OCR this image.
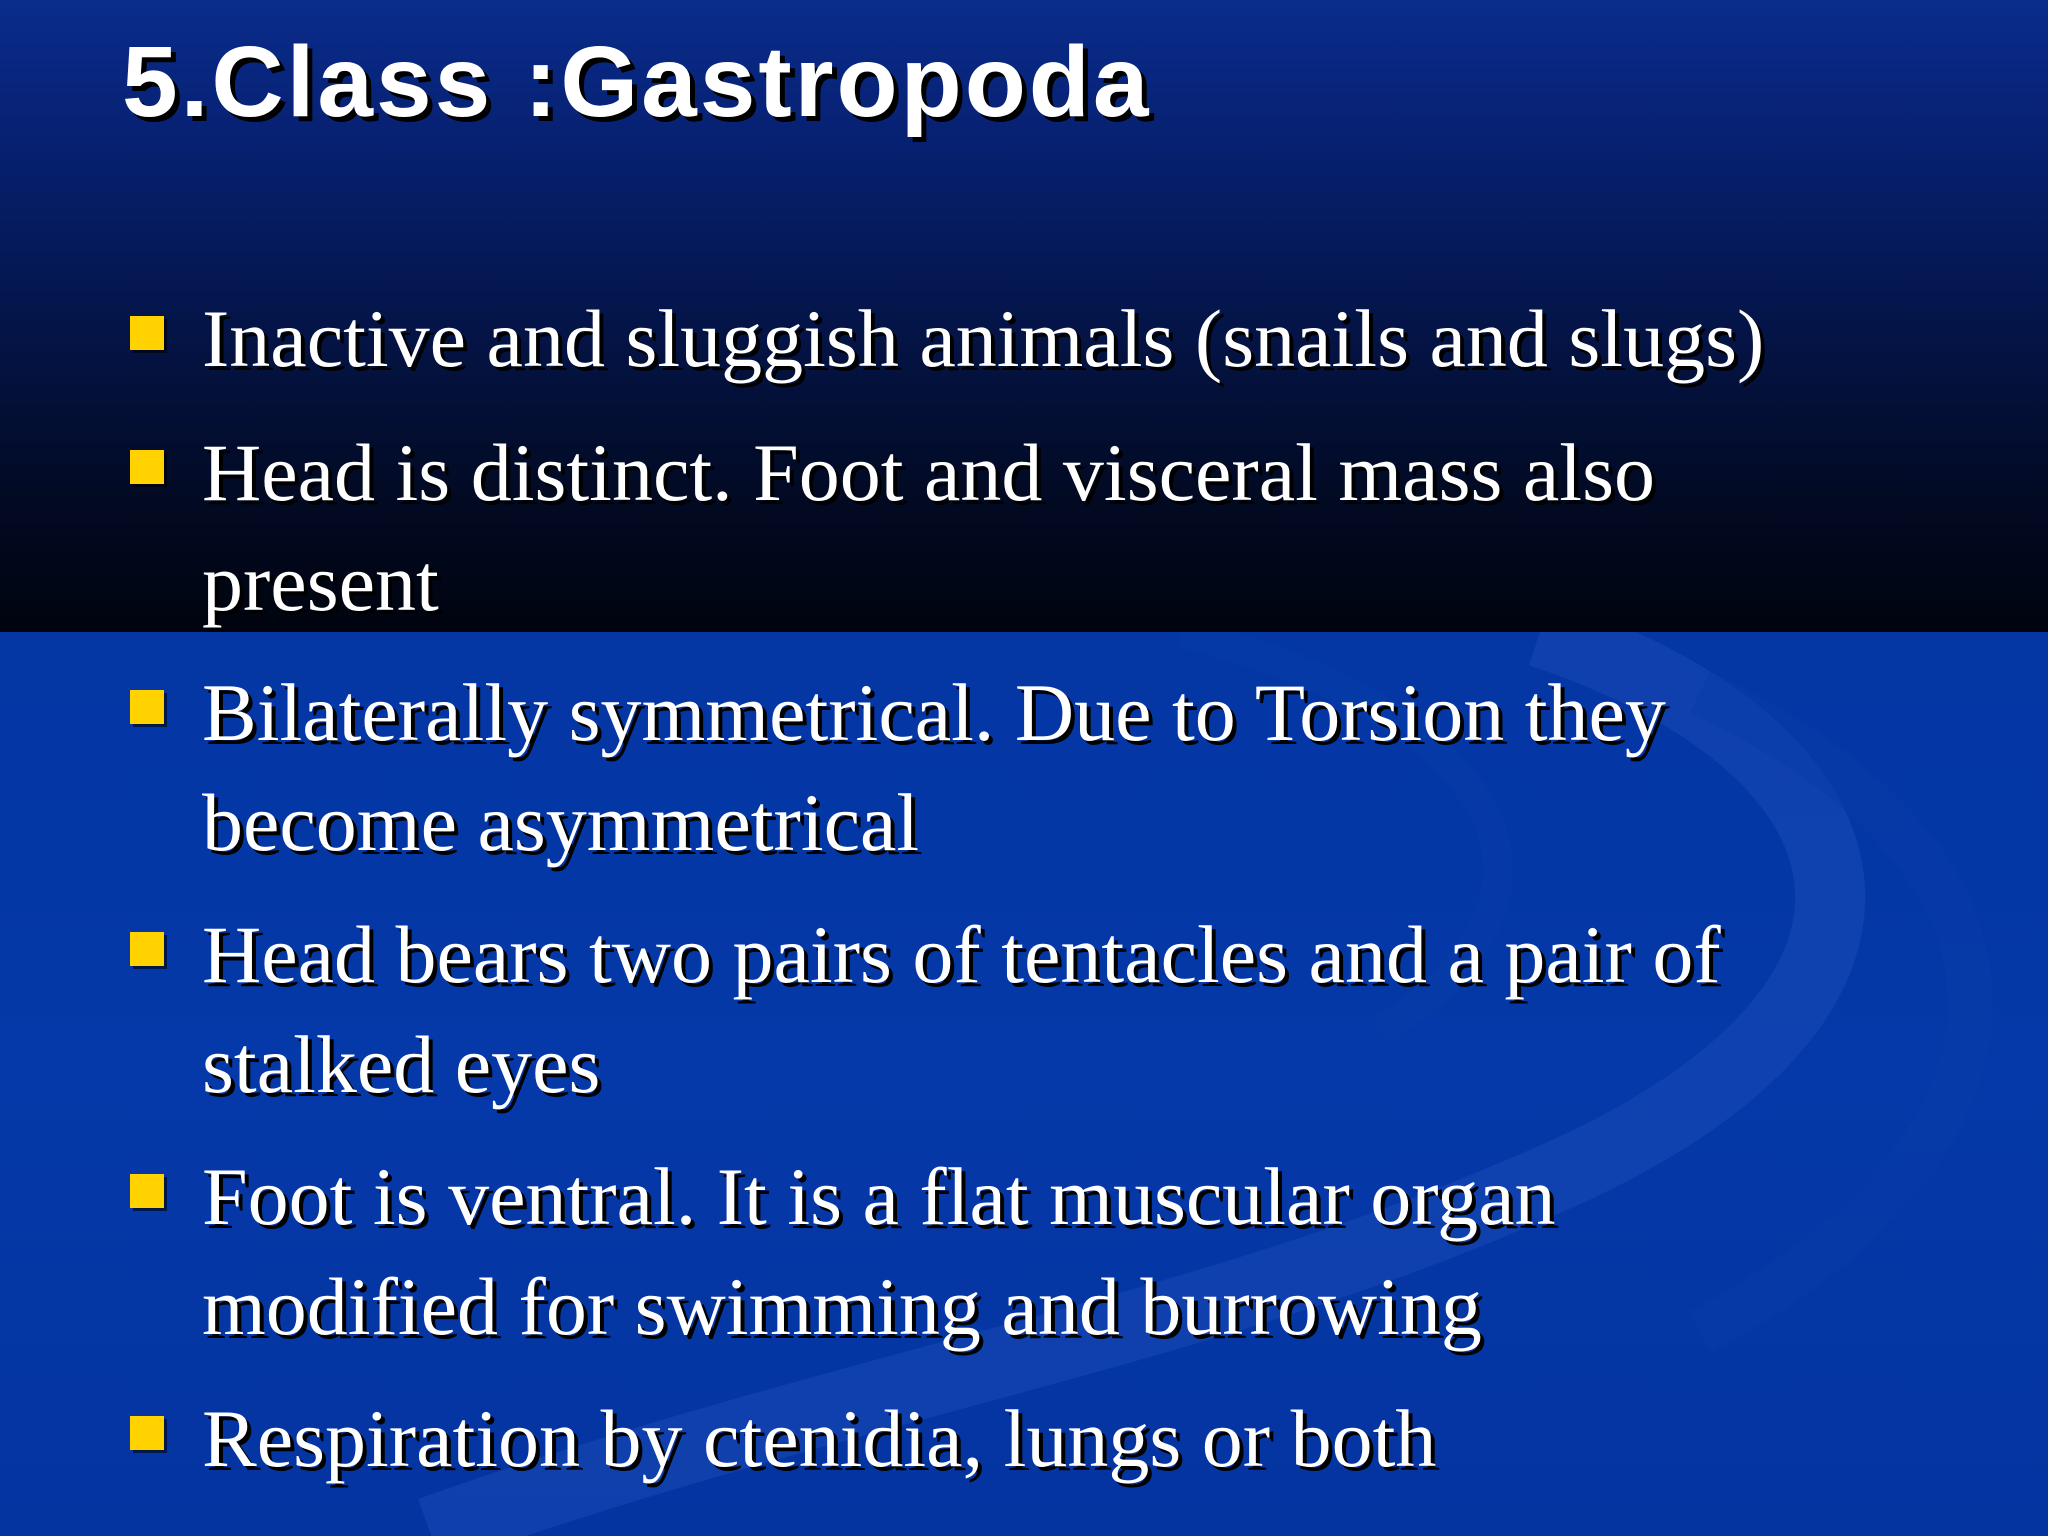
5.Class :Gastropoda

Inactive and sluggish animals (snails and slugs)

Head is distinct. Foot and visceral mass also
present

Bilaterally symmetrical. Due to Torsion they
become asymmetrical

Head bears two pairs of tentacles and a pair of
stalked eyes

Foot is ventral. It is a flat muscular organ
modified for swimming and burrowing

Respiration by ctenidia, lungs or both
